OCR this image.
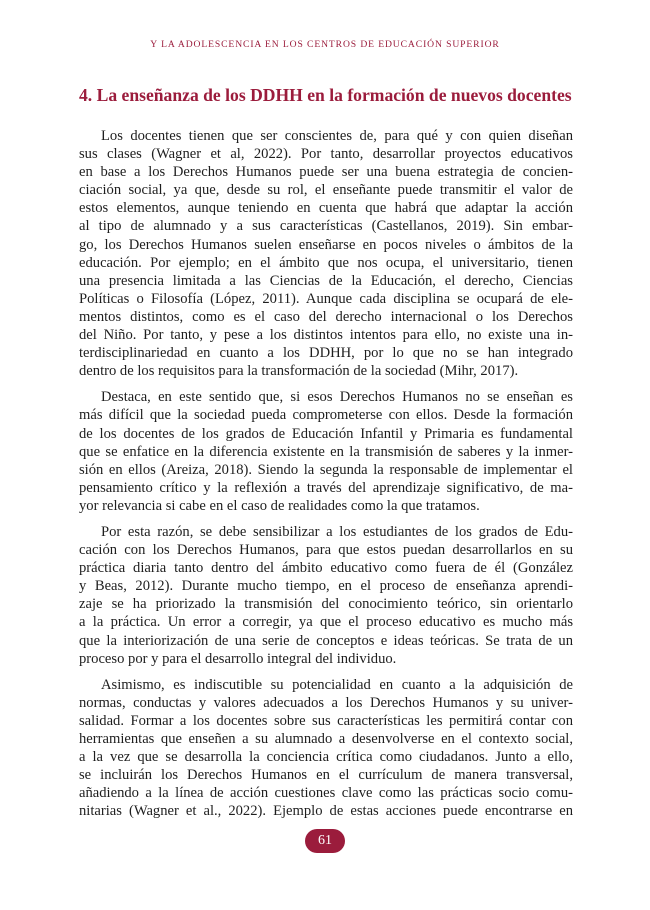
Y LA ADOLESCENCIA EN LOS CENTROS DE EDUCACIÓN SUPERIOR
4. La enseñanza de los DDHH en la formación de nuevos docentes

Los docentes tienen que ser conscientes de, para qué y con quien diseñan
sus clases (Wagner et al, 2022). Por tanto, desarrollar proyectos educativos
en base a los Derechos Humanos puede ser una buena estrategia de concien-
ciación social, ya que, desde su rol, el enseñante puede transmitir el valor de
estos elementos, aunque teniendo en cuenta que habrá que adaptar la acción
al tipo de alumnado y a sus características (Castellanos, 2019). Sin embar-
go, los Derechos Humanos suelen enseñarse en pocos niveles o ámbitos de la
educación. Por ejemplo; en el ámbito que nos ocupa, el universitario, tienen
una presencia limitada a las Ciencias de la Educación, el derecho, Ciencias
Políticas o Filosofía (López, 2011). Aunque cada disciplina se ocupará de ele-
mentos distintos, como es el caso del derecho internacional o los Derechos
del Niño. Por tanto, y pese a los distintos intentos para ello, no existe una in-
terdisciplinariedad en cuanto a los DDHH, por lo que no se han integrado
dentro de los requisitos para la transformación de la sociedad (Mihr, 2017).

Destaca, en este sentido que, si esos Derechos Humanos no se enseñan es
más difícil que la sociedad pueda comprometerse con ellos. Desde la formación
de los docentes de los grados de Educación Infantil y Primaria es fundamental
que se enfatice en la diferencia existente en la transmisión de saberes y la inmer-
sión en ellos (Areiza, 2018). Siendo la segunda la responsable de implementar el
pensamiento crítico y la reflexión a través del aprendizaje significativo, de ma-
yor relevancia si cabe en el caso de realidades como la que tratamos.

Por esta razón, se debe sensibilizar a los estudiantes de los grados de Edu-
cación con los Derechos Humanos, para que estos puedan desarrollarlos en su
práctica diaria tanto dentro del ámbito educativo como fuera de él (González
y Beas, 2012). Durante mucho tiempo, en el proceso de enseñanza aprendi-
zaje se ha priorizado la transmisión del conocimiento teórico, sin orientarlo
a la práctica. Un error a corregir, ya que el proceso educativo es mucho más
que la interiorización de una serie de conceptos e ideas teóricas. Se trata de un
proceso por y para el desarrollo integral del individuo.

Asimismo, es indiscutible su potencialidad en cuanto a la adquisición de
normas, conductas y valores adecuados a los Derechos Humanos y su univer-
salidad. Formar a los docentes sobre sus características les permitirá contar con
herramientas que enseñen a su alumnado a desenvolverse en el contexto social,
a la vez que se desarrolla la conciencia crítica como ciudadanos. Junto a ello,
se incluirán los Derechos Humanos en el currículum de manera transversal,
añadiendo a la línea de acción cuestiones clave como las prácticas socio comu-
nitarias (Wagner et al., 2022). Ejemplo de estas acciones puede encontrarse en

61
